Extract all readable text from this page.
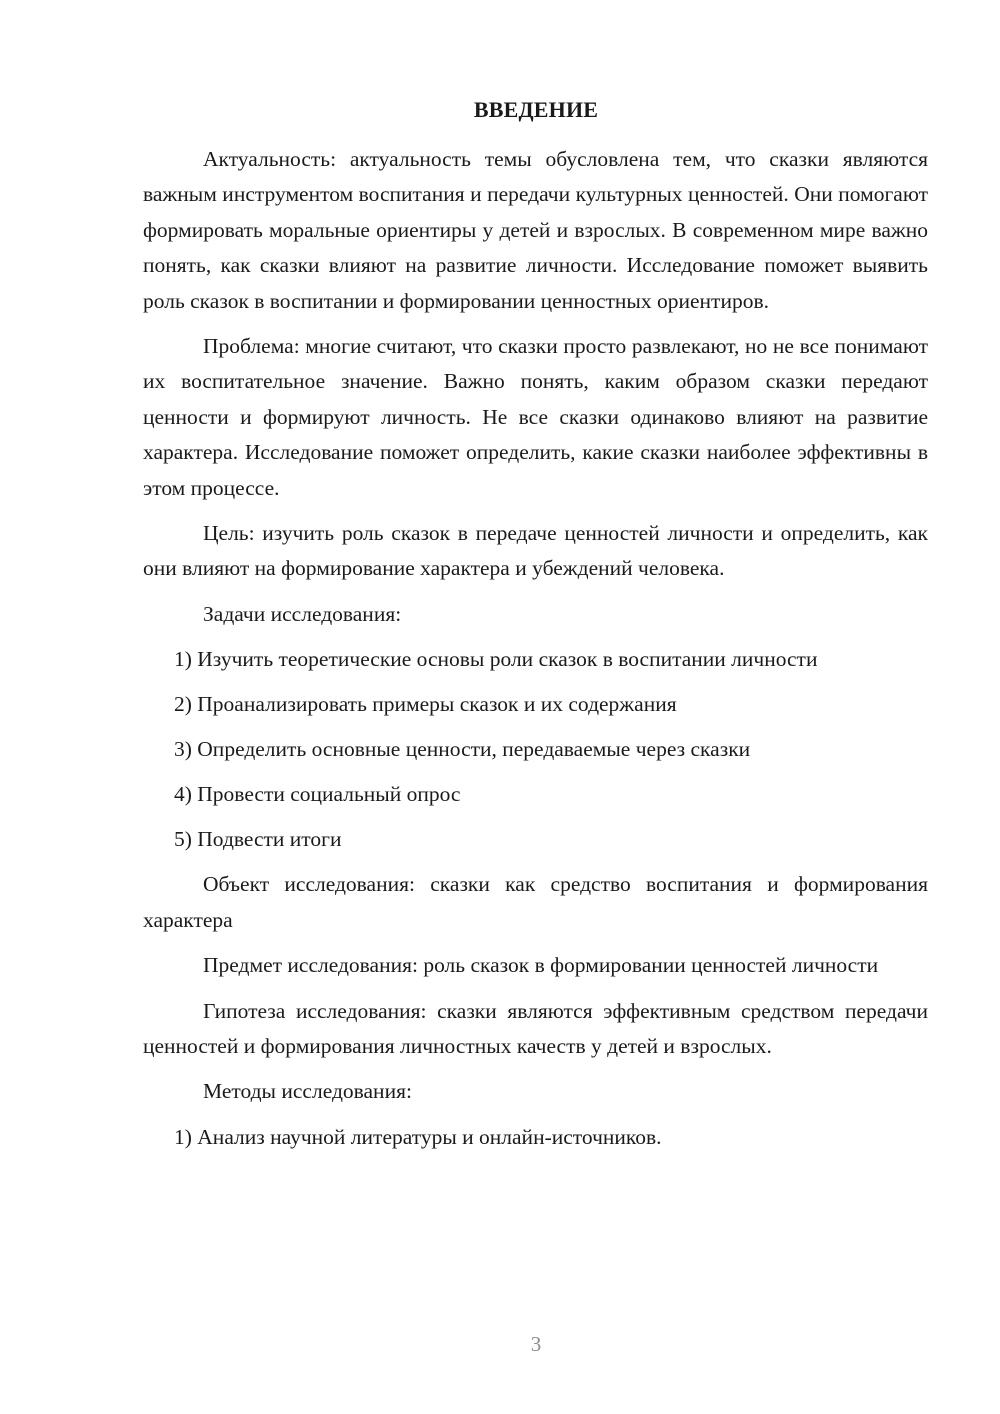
ВВЕДЕНИЕ

Актуальность: актуальность темы обусловлена тем, что сказки являются важным инструментом воспитания и передачи культурных ценностей. Они помогают формировать моральные ориентиры у детей и взрослых. В современном мире важно понять, как сказки влияют на развитие личности. Исследование поможет выявить роль сказок в воспитании и формировании ценностных ориентиров.

Проблема: многие считают, что сказки просто развлекают, но не все понимают их воспитательное значение. Важно понять, каким образом сказки передают ценности и формируют личность. Не все сказки одинаково влияют на развитие характера. Исследование поможет определить, какие сказки наиболее эффективны в этом процессе.

Цель: изучить роль сказок в передаче ценностей личности и определить, как они влияют на формирование характера и убеждений человека.

Задачи исследования:

1) Изучить теоретические основы роли сказок в воспитании личности

2) Проанализировать примеры сказок и их содержания

3) Определить основные ценности, передаваемые через сказки

4) Провести социальный опрос

5) Подвести итоги

Объект исследования: сказки как средство воспитания и формирования характера

Предмет исследования: роль сказок в формировании ценностей личности

Гипотеза исследования: сказки являются эффективным средством передачи ценностей и формирования личностных качеств у детей и взрослых.

Методы исследования:

1) Анализ научной литературы и онлайн-источников.

3
